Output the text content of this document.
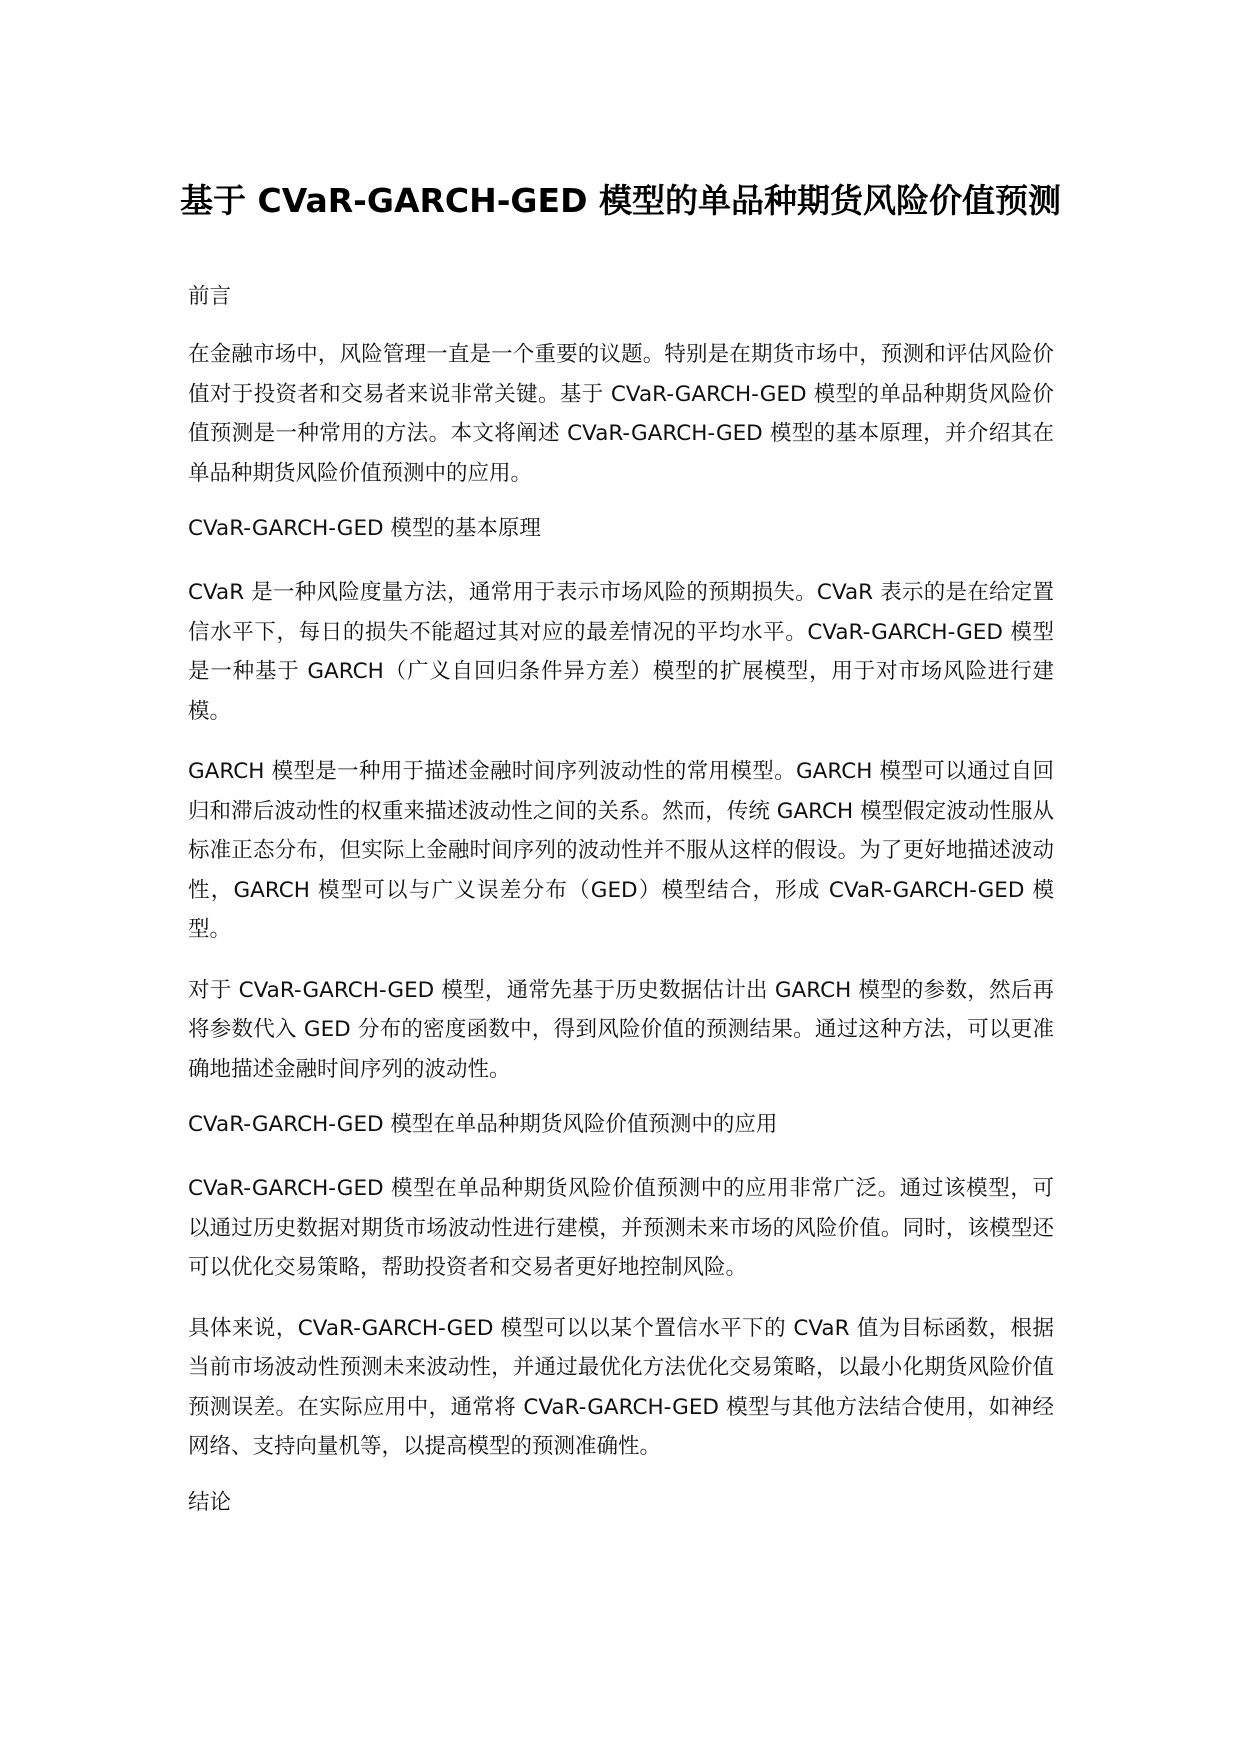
基于 CVaR-GARCH-GED 模型的单品种期货风险价值预测

前言

在金融市场中，风险管理一直是一个重要的议题。特别是在期货市场中，预测和评估风险价值对于投资者和交易者来说非常关键。基于 CVaR-GARCH-GED 模型的单品种期货风险价值预测是一种常用的方法。本文将阐述 CVaR-GARCH-GED 模型的基本原理，并介绍其在单品种期货风险价值预测中的应用。

CVaR-GARCH-GED 模型的基本原理

CVaR 是一种风险度量方法，通常用于表示市场风险的预期损失。CVaR 表示的是在给定置信水平下，每日的损失不能超过其对应的最差情况的平均水平。CVaR-GARCH-GED 模型是一种基于 GARCH（广义自回归条件异方差）模型的扩展模型，用于对市场风险进行建模。

GARCH 模型是一种用于描述金融时间序列波动性的常用模型。GARCH 模型可以通过自回归和滞后波动性的权重来描述波动性之间的关系。然而，传统 GARCH 模型假定波动性服从标准正态分布，但实际上金融时间序列的波动性并不服从这样的假设。为了更好地描述波动性，GARCH 模型可以与广义误差分布（GED）模型结合，形成 CVaR-GARCH-GED 模型。

对于 CVaR-GARCH-GED 模型，通常先基于历史数据估计出 GARCH 模型的参数，然后再将参数代入 GED 分布的密度函数中，得到风险价值的预测结果。通过这种方法，可以更准确地描述金融时间序列的波动性。

CVaR-GARCH-GED 模型在单品种期货风险价值预测中的应用

CVaR-GARCH-GED 模型在单品种期货风险价值预测中的应用非常广泛。通过该模型，可以通过历史数据对期货市场波动性进行建模，并预测未来市场的风险价值。同时，该模型还可以优化交易策略，帮助投资者和交易者更好地控制风险。

具体来说，CVaR-GARCH-GED 模型可以以某个置信水平下的 CVaR 值为目标函数，根据当前市场波动性预测未来波动性，并通过最优化方法优化交易策略，以最小化期货风险价值预测误差。在实际应用中，通常将 CVaR-GARCH-GED 模型与其他方法结合使用，如神经网络、支持向量机等，以提高模型的预测准确性。

结论
